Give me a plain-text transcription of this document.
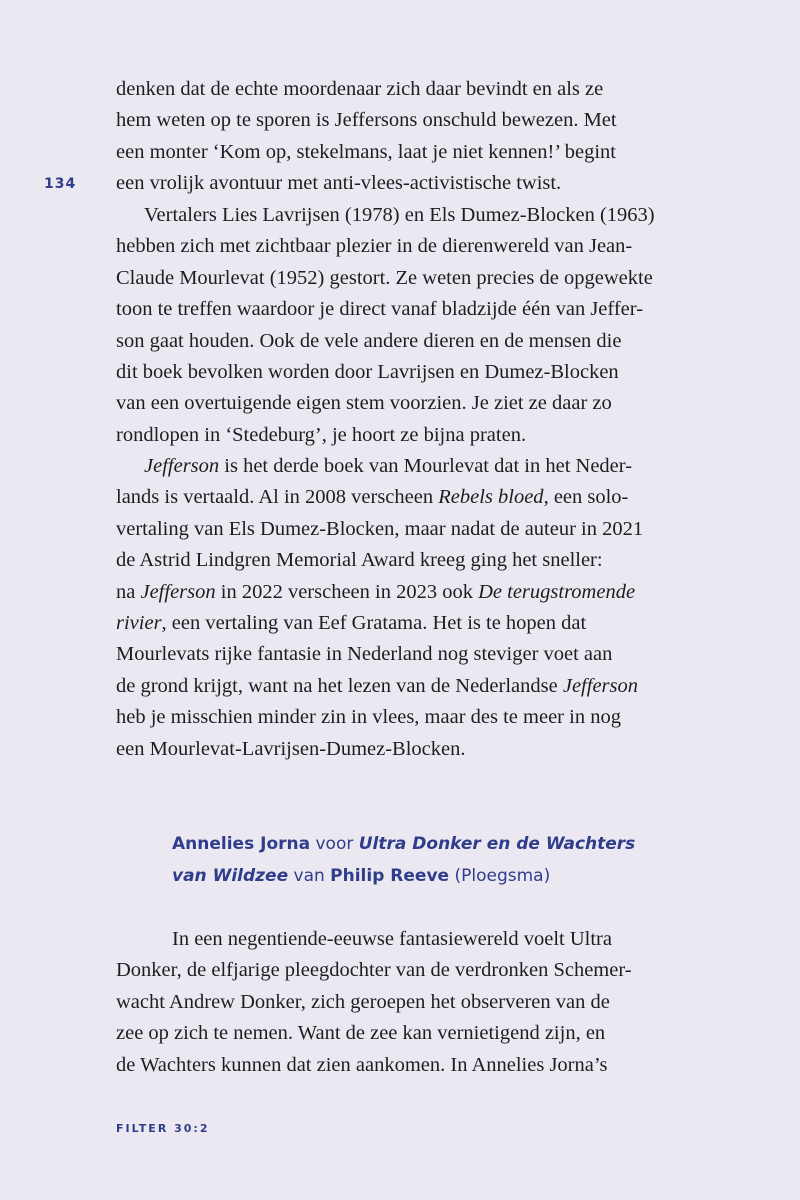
134
denken dat de echte moordenaar zich daar bevindt en als ze
hem weten op te sporen is Jeffersons onschuld bewezen. Met
een monter ‘Kom op, stekelmans, laat je niet kennen!’ begint
een vrolijk avontuur met anti-vlees-activistische twist.
Vertalers Lies Lavrijsen (1978) en Els Dumez-Blocken (1963)
hebben zich met zichtbaar plezier in de dierenwereld van Jean-
Claude Mourlevat (1952) gestort. Ze weten precies de opgewekte
toon te treffen waardoor je direct vanaf bladzijde één van Jeffer-
son gaat houden. Ook de vele andere dieren en de mensen die
dit boek bevolken worden door Lavrijsen en Dumez-Blocken
van een overtuigende eigen stem voorzien. Je ziet ze daar zo
rondlopen in ‘Stedeburg’, je hoort ze bijna praten.
Jefferson is het derde boek van Mourlevat dat in het Neder-
lands is vertaald. Al in 2008 verscheen Rebels bloed, een solo-
vertaling van Els Dumez-Blocken, maar nadat de auteur in 2021
de Astrid Lindgren Memorial Award kreeg ging het sneller:
na Jefferson in 2022 verscheen in 2023 ook De terugstromende
rivier, een vertaling van Eef Gratama. Het is te hopen dat
Mourlevats rijke fantasie in Nederland nog steviger voet aan
de grond krijgt, want na het lezen van de Nederlandse Jefferson
heb je misschien minder zin in vlees, maar des te meer in nog
een Mourlevat-Lavrijsen-Dumez-Blocken.
Annelies Jorna voor Ultra Donker en de Wachters
van Wildzee van Philip Reeve (Ploegsma)
In een negentiende-eeuwse fantasiewereld voelt Ultra
Donker, de elfjarige pleegdochter van de verdronken Schemer-
wacht Andrew Donker, zich geroepen het observeren van de
zee op zich te nemen. Want de zee kan vernietigend zijn, en
de Wachters kunnen dat zien aankomen. In Annelies Jorna’s
FILTER 30:2
